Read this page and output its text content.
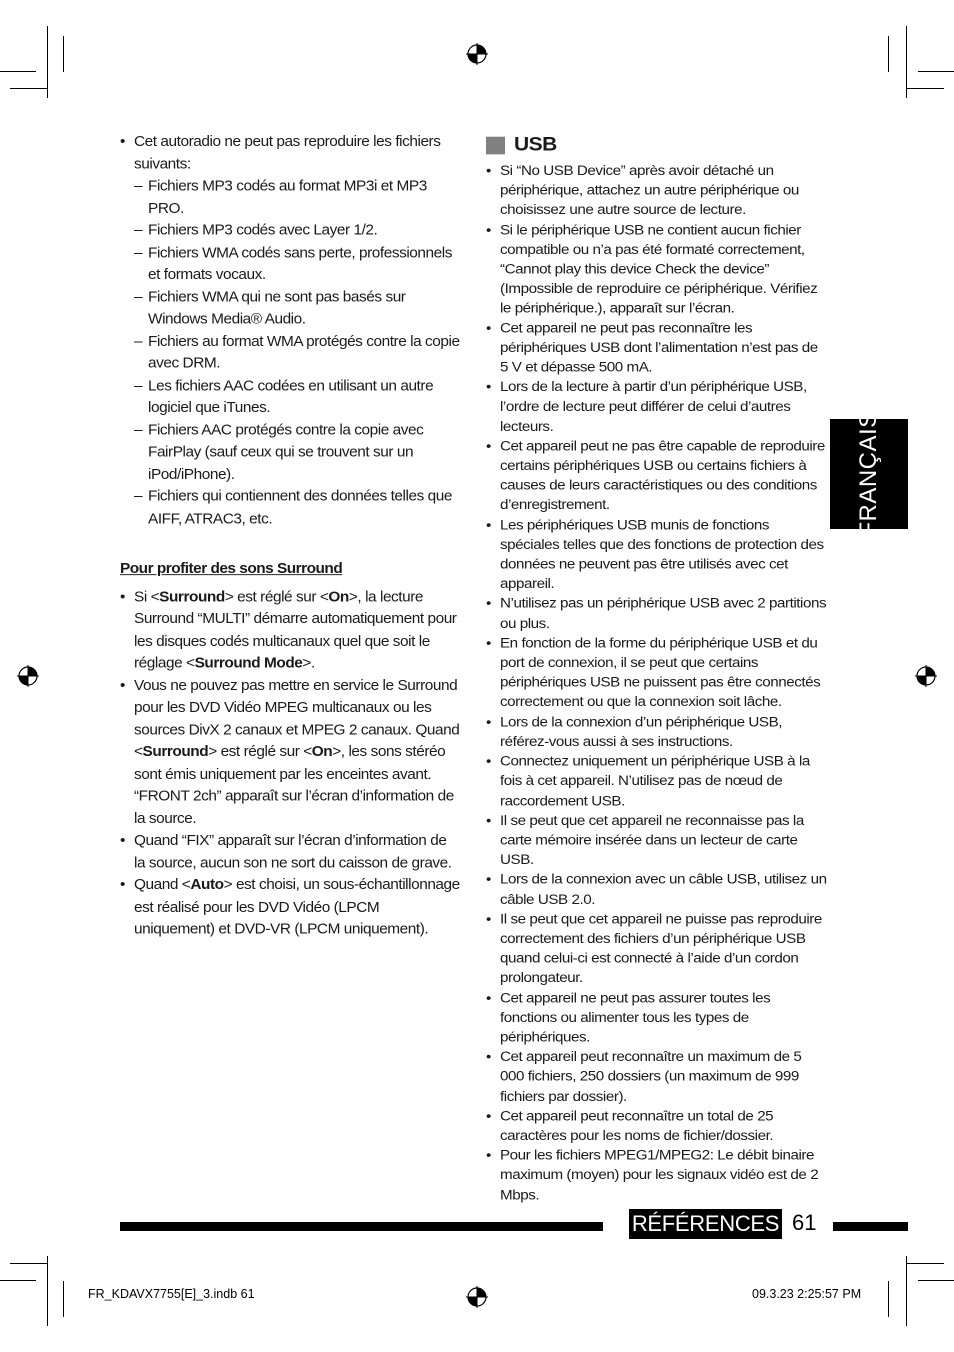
• Cet autoradio ne peut pas reproduire les fichiers suivants:
– Fichiers MP3 codés au format MP3i et MP3 PRO.
– Fichiers MP3 codés avec Layer 1/2.
– Fichiers WMA codés sans perte, professionnels et formats vocaux.
– Fichiers WMA qui ne sont pas basés sur Windows Media® Audio.
– Fichiers au format WMA protégés contre la copie avec DRM.
– Les fichiers AAC codées en utilisant un autre logiciel que iTunes.
– Fichiers AAC protégés contre la copie avec FairPlay (sauf ceux qui se trouvent sur un iPod/iPhone).
– Fichiers qui contiennent des données telles que AIFF, ATRAC3, etc.
Pour profiter des sons Surround
• Si <Surround> est réglé sur <On>, la lecture Surround “MULTI” démarre automatiquement pour les disques codés multicanaux quel que soit le réglage <Surround Mode>.
• Vous ne pouvez pas mettre en service le Surround pour les DVD Vidéo MPEG multicanaux ou les sources DivX 2 canaux et MPEG 2 canaux. Quand <Surround> est réglé sur <On>, les sons stéréo sont émis uniquement par les enceintes avant. “FRONT 2ch” apparaît sur l’écran d’information de la source.
• Quand “FIX” apparaît sur l’écran d’information de la source, aucun son ne sort du caisson de grave.
• Quand <Auto> est choisi, un sous-échantillonnage est réalisé pour les DVD Vidéo (LPCM uniquement) et DVD-VR (LPCM uniquement).
USB
• Si “No USB Device” après avoir détaché un périphérique, attachez un autre périphérique ou choisissez une autre source de lecture.
• Si le périphérique USB ne contient aucun fichier compatible ou n’a pas été formaté correctement, “Cannot play this device Check the device” (Impossible de reproduire ce périphérique. Vérifiez le périphérique.), apparaît sur l’écran.
• Cet appareil ne peut pas reconnaître les périphériques USB dont l’alimentation n’est pas de 5 V et dépasse 500 mA.
• Lors de la lecture à partir d’un périphérique USB, l’ordre de lecture peut différer de celui d’autres lecteurs.
• Cet appareil peut ne pas être capable de reproduire certains périphériques USB ou certains fichiers à causes de leurs caractéristiques ou des conditions d’enregistrement.
• Les périphériques USB munis de fonctions spéciales telles que des fonctions de protection des données ne peuvent pas être utilisés avec cet appareil.
• N’utilisez pas un périphérique USB avec 2 partitions ou plus.
• En fonction de la forme du périphérique USB et du port de connexion, il se peut que certains périphériques USB ne puissent pas être connectés correctement ou que la connexion soit lâche.
• Lors de la connexion d’un périphérique USB, référez-vous aussi à ses instructions.
• Connectez uniquement un périphérique USB à la fois à cet appareil. N’utilisez pas de nœud de raccordement USB.
• Il se peut que cet appareil ne reconnaisse pas la carte mémoire insérée dans un lecteur de carte USB.
• Lors de la connexion avec un câble USB, utilisez un câble USB 2.0.
• Il se peut que cet appareil ne puisse pas reproduire correctement des fichiers d’un périphérique USB quand celui-ci est connecté à l’aide d’un cordon prolongateur.
• Cet appareil ne peut pas assurer toutes les fonctions ou alimenter tous les types de périphériques.
• Cet appareil peut reconnaître un maximum de 5 000 fichiers, 250 dossiers (un maximum de 999 fichiers par dossier).
• Cet appareil peut reconnaître un total de 25 caractères pour les noms de fichier/dossier.
• Pour les fichiers MPEG1/MPEG2: Le débit binaire maximum (moyen) pour les signaux vidéo est de 2 Mbps.
FRANÇAIS
RÉFÉRENCES 61
FR_KDAVX7755[E]_3.indb 61	09.3.23 2:25:57 PM
